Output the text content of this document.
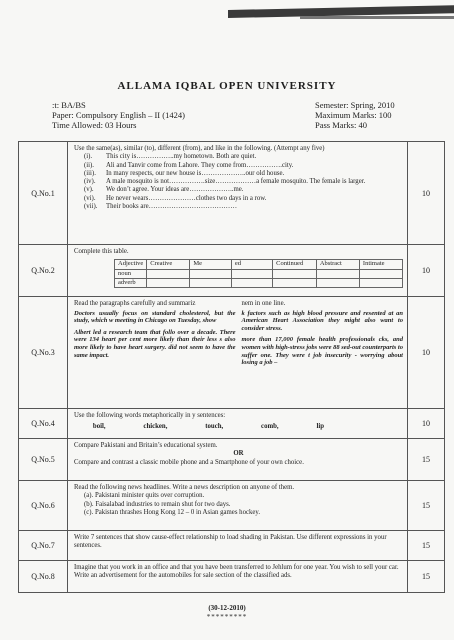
ALLAMA IQBAL OPEN UNIVERSITY
:t: BA/BS
Paper: Compulsory English – II (1424)
Time Allowed: 03 Hours
Semester: Spring, 2010
Maximum Marks: 100
Pass Marks: 40
Q.No.1	
Use the same(as), similar (to), different (from), and like in the following. (Attempt any five)
(i). This city is……………..my hometown. Both are quiet.
(ii). Ali and Tanvir come from Lahore. They come from…………….city.
(iii). In many respects, our new house is………………..our old house.
(iv). A male mosquito is not…………….size………………a female mosquito. The female is larger.
(v). We don’t agree. Your ideas are………………..me.
(vi). He never wears…………………clothes two days in a row.
(vii). Their books are…………………………………
	10
Q.No.2	
Complete this table.
Adjective	Creative	Me	ed	Continued	Abstract	Intimate
noun						
adverb						
	10
Q.No.3	
Read the paragraphs carefully and summariz	nem in one line.
Doctors usually focus on standard cholesterol, but the study, which w meeting in Chicago on Tuesday, show
Albert led a research team that follo over a decade. There were 134 heart per cent more likely than their less s also more likely to have heart surgery. did not seem to have the same impact.
k factors such as high blood pressure and resented at an American Heart Association they might also want to consider stress.
more than 17,000 female health professionals cks, and women with high-stress jobs were 88 sed-out counterparts to suffer one. They were t job insecurity - worrying about losing a job –
	10
Q.No.4	
Use the following words metaphorically in y sentences:
boil,	chicken,	touch,	comb,	lip	10
Q.No.5	
Compare Pakistani and Britain’s educational system.
OR
Compare and contrast a classic mobile phone and a Smartphone of your own choice.	15
Q.No.6	
Read the following news headlines. Write a news description on anyone of them.
(a). Pakistani minister quits over corruption.
(b). Faisalabad industries to remain shut for two days.
(c). Pakistan thrashes Hong Kong 12 – 0 in Asian games hockey.
	15
Q.No.7	
Write 7 sentences that show cause-effect relationship to load shading in Pakistan. Use different expressions in your sentences.	15
Q.No.8	
Imagine that you work in an office and that you have been transferred to Jehlum for one year. You wish to sell your car. Write an advertisement for the automobiles for sale section of the classified ads.	15
(30-12-2010)
*********
